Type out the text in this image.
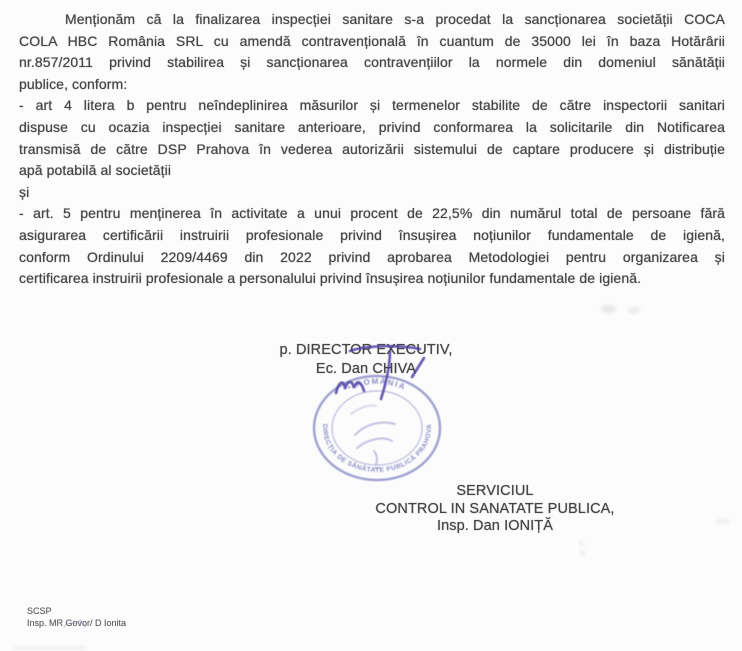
Menționăm că la finalizarea inspecției sanitare s-a procedat la sancționarea societății COCA
COLA HBC România SRL cu amendă contravențională în cuantum de 35000 lei în baza Hotărârii
nr.857/2011 privind stabilirea și sancționarea contravențiilor la normele din domeniul sănătății
publice, conform:
- art 4 litera b pentru neîndeplinirea măsurilor și termenelor stabilite de către inspectorii sanitari
dispuse cu ocazia inspecției sanitare anterioare, privind conformarea la solicitarile din Notificarea
transmisă de către DSP Prahova în vederea autorizării sistemului de captare producere și distribuție
apă potabilă al societății
și
- art. 5 pentru menținerea în activitate a unui procent de 22,5% din numărul total de persoane fără
asigurarea certificării instruirii profesionale privind însușirea noțiunilor fundamentale de igienă,
conform Ordinului 2209/4469 din 2022 privind aprobarea Metodologiei pentru organizarea și
certificarea instruirii profesionale a personalului privind însușirea noțiunilor fundamentale de igienă.
p. DIRECTOR EXECUTIV,
Ec. Dan CHIVA
• ROMÂNIA
DIRECȚIA DE SĂNĂTATE PUBLICĂ PRAHOVA
SERVICIUL
CONTROL IN SANATATE PUBLICA,
Insp. Dan IONIȚĂ
SCSP
Insp. MR Govor/ D Ionita
